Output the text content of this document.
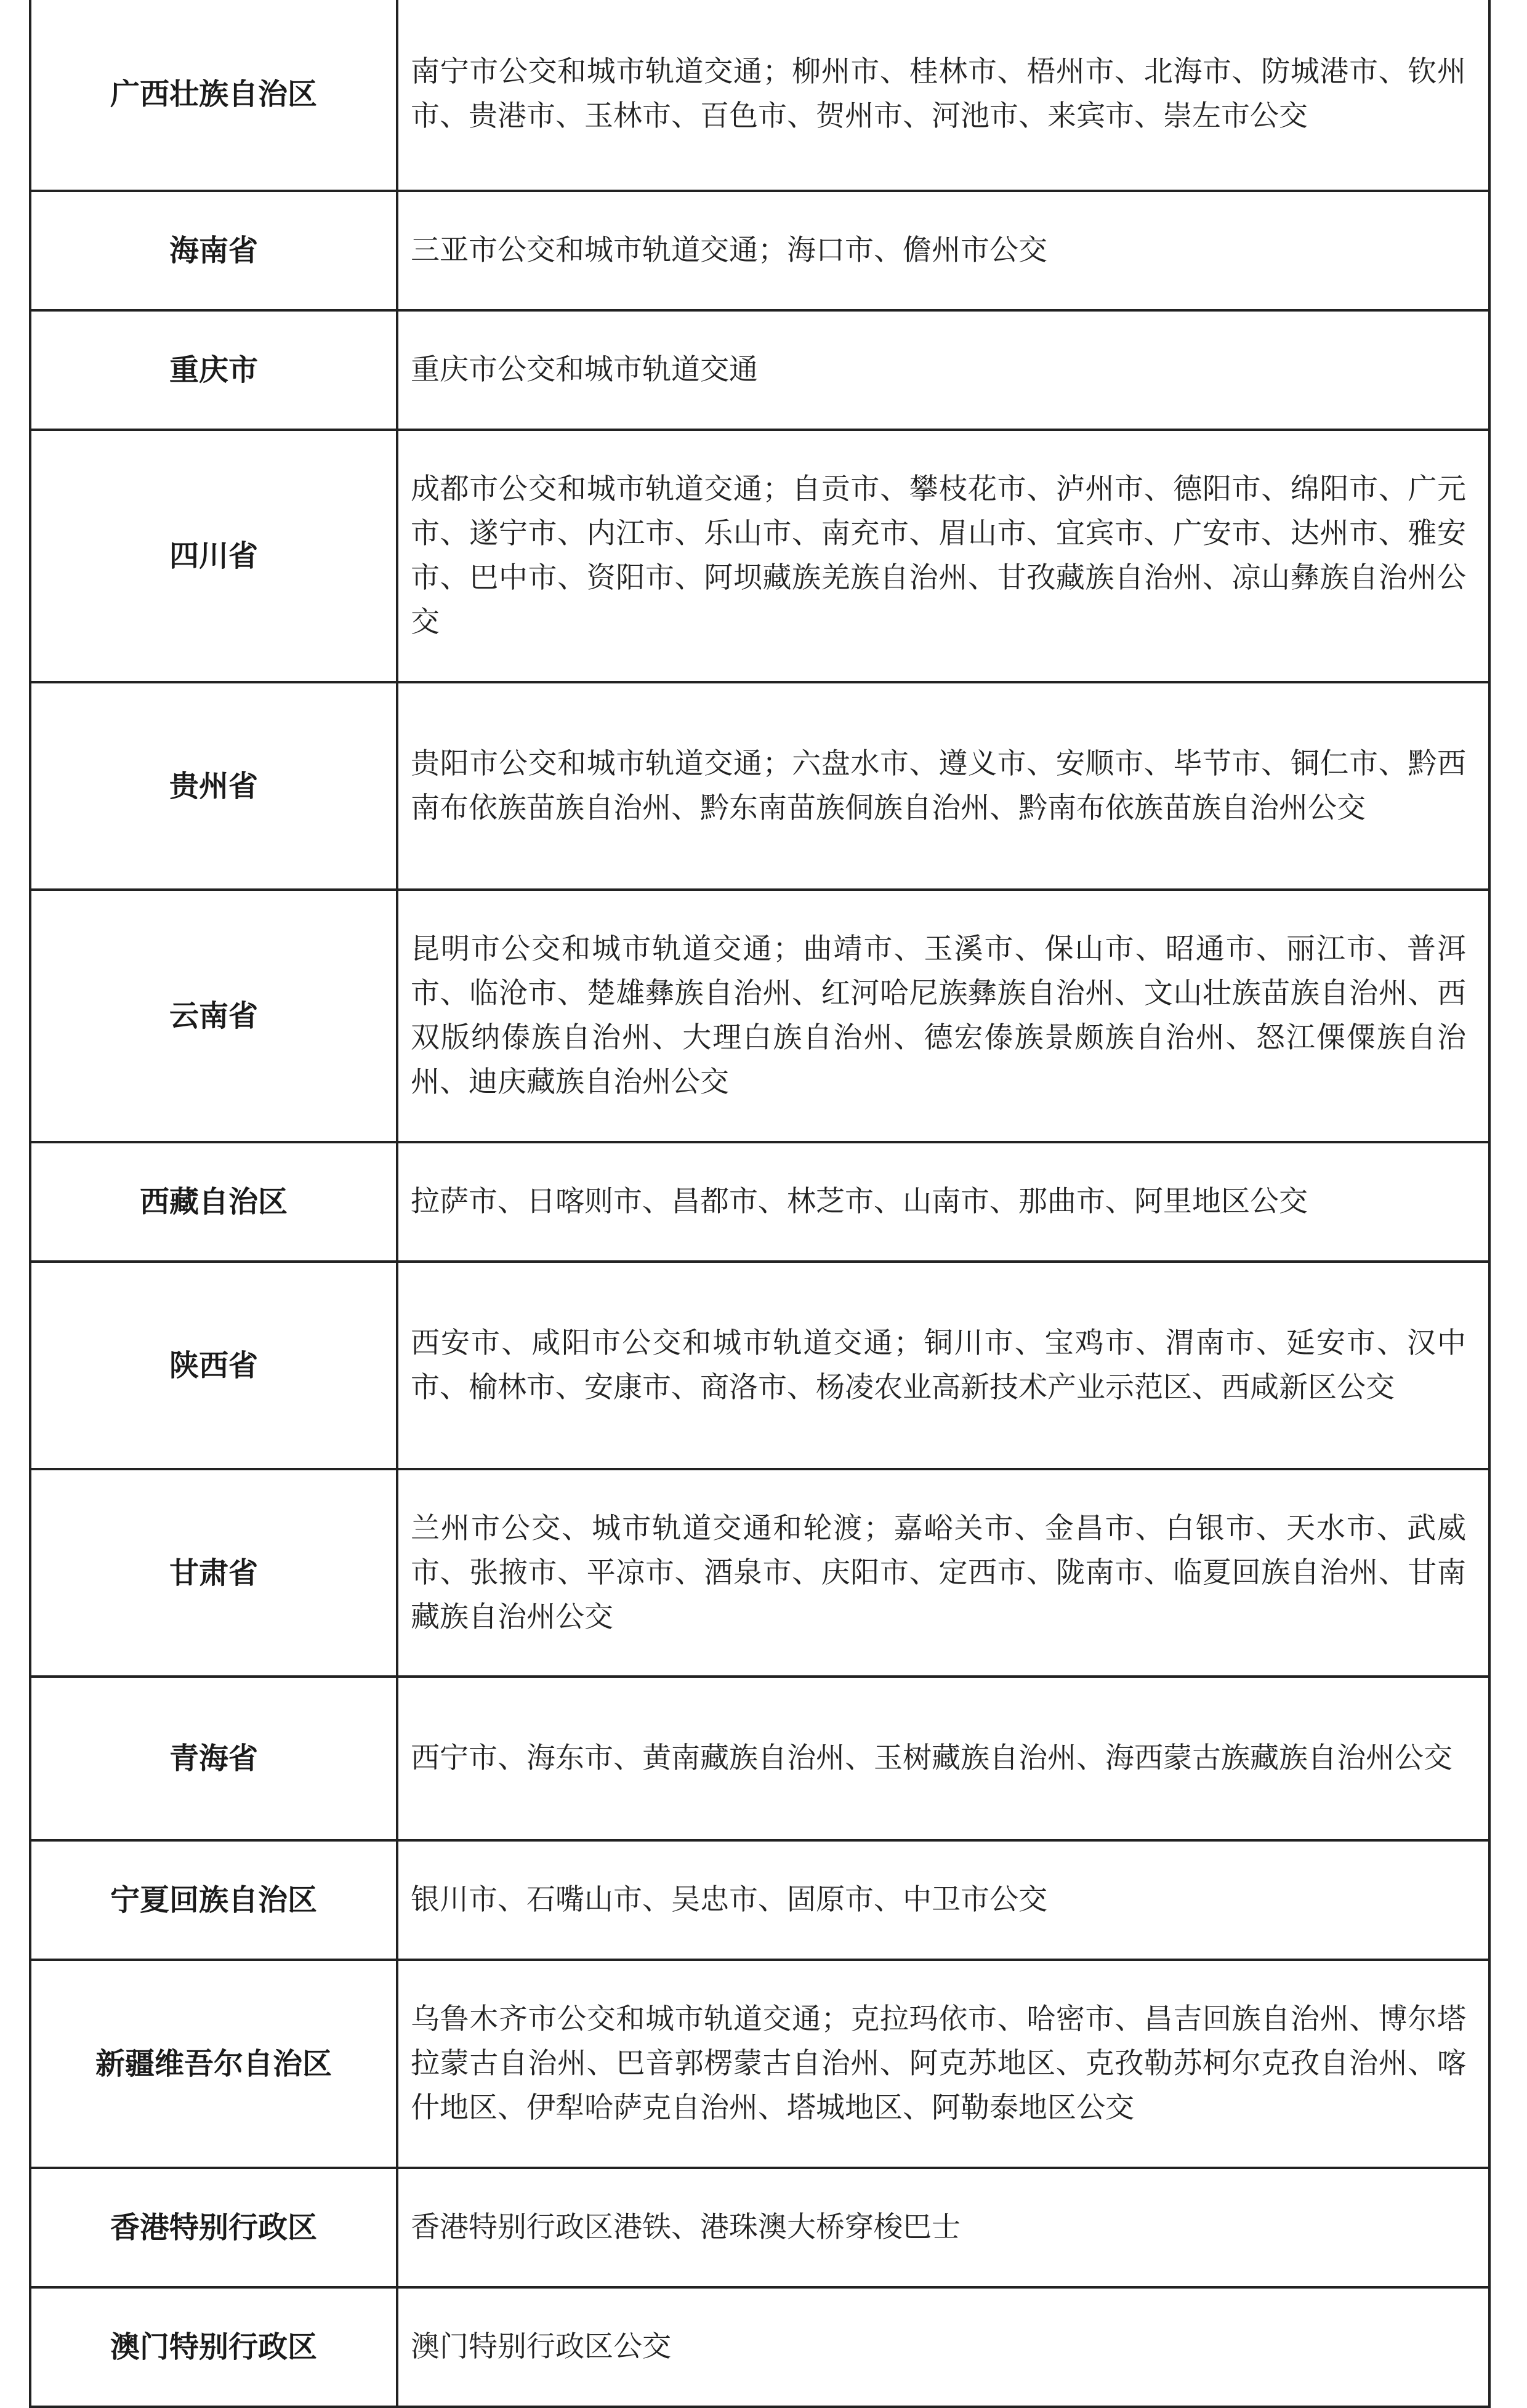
广西壮族自治区	南宁市公交和城市轨道交通；柳州市、桂林市、梧州市、北海市、防城港市、钦州市、贵港市、玉林市、百色市、贺州市、河池市、来宾市、崇左市公交
海南省	三亚市公交和城市轨道交通；海口市、儋州市公交
重庆市	重庆市公交和城市轨道交通
四川省	成都市公交和城市轨道交通；自贡市、攀枝花市、泸州市、德阳市、绵阳市、广元市、遂宁市、内江市、乐山市、南充市、眉山市、宜宾市、广安市、达州市、雅安市、巴中市、资阳市、阿坝藏族羌族自治州、甘孜藏族自治州、凉山彝族自治州公交
贵州省	贵阳市公交和城市轨道交通；六盘水市、遵义市、安顺市、毕节市、铜仁市、黔西南布依族苗族自治州、黔东南苗族侗族自治州、黔南布依族苗族自治州公交
云南省	昆明市公交和城市轨道交通；曲靖市、玉溪市、保山市、昭通市、丽江市、普洱市、临沧市、楚雄彝族自治州、红河哈尼族彝族自治州、文山壮族苗族自治州、西双版纳傣族自治州、大理白族自治州、德宏傣族景颇族自治州、怒江傈僳族自治州、迪庆藏族自治州公交
西藏自治区	拉萨市、日喀则市、昌都市、林芝市、山南市、那曲市、阿里地区公交
陕西省	西安市、咸阳市公交和城市轨道交通；铜川市、宝鸡市、渭南市、延安市、汉中市、榆林市、安康市、商洛市、杨凌农业高新技术产业示范区、西咸新区公交
甘肃省	兰州市公交、城市轨道交通和轮渡；嘉峪关市、金昌市、白银市、天水市、武威市、张掖市、平凉市、酒泉市、庆阳市、定西市、陇南市、临夏回族自治州、甘南藏族自治州公交
青海省	西宁市、海东市、黄南藏族自治州、玉树藏族自治州、海西蒙古族藏族自治州公交
宁夏回族自治区	银川市、石嘴山市、吴忠市、固原市、中卫市公交
新疆维吾尔自治区	乌鲁木齐市公交和城市轨道交通；克拉玛依市、哈密市、昌吉回族自治州、博尔塔拉蒙古自治州、巴音郭楞蒙古自治州、阿克苏地区、克孜勒苏柯尔克孜自治州、喀什地区、伊犁哈萨克自治州、塔城地区、阿勒泰地区公交
香港特别行政区	香港特别行政区港铁、港珠澳大桥穿梭巴士
澳门特别行政区	澳门特别行政区公交
